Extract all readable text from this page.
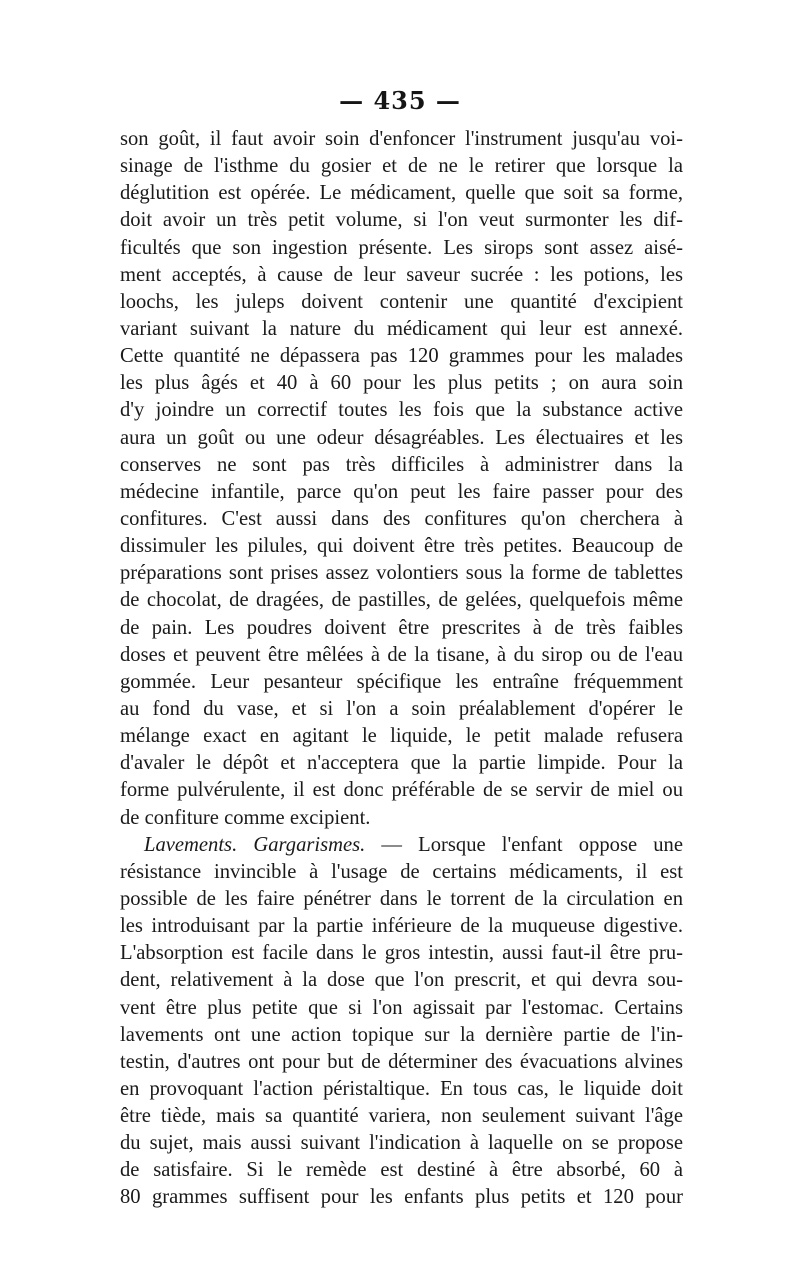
— 435 —
son goût, il faut avoir soin d'enfoncer l'instrument jusqu'au voi-
sinage de l'isthme du gosier et de ne le retirer que lorsque la
déglutition est opérée. Le médicament, quelle que soit sa forme,
doit avoir un très petit volume, si l'on veut surmonter les dif-
ficultés que son ingestion présente. Les sirops sont assez aisé-
ment acceptés, à cause de leur saveur sucrée : les potions, les
loochs, les juleps doivent contenir une quantité d'excipient
variant suivant la nature du médicament qui leur est annexé.
Cette quantité ne dépassera pas 120 grammes pour les malades
les plus âgés et 40 à 60 pour les plus petits ; on aura soin
d'y joindre un correctif toutes les fois que la substance active
aura un goût ou une odeur désagréables. Les électuaires et les
conserves ne sont pas très difficiles à administrer dans la
médecine infantile, parce qu'on peut les faire passer pour des
confitures. C'est aussi dans des confitures qu'on cherchera à
dissimuler les pilules, qui doivent être très petites. Beaucoup de
préparations sont prises assez volontiers sous la forme de tablettes
de chocolat, de dragées, de pastilles, de gelées, quelquefois même
de pain. Les poudres doivent être prescrites à de très faibles
doses et peuvent être mêlées à de la tisane, à du sirop ou de l'eau
gommée. Leur pesanteur spécifique les entraîne fréquemment
au fond du vase, et si l'on a soin préalablement d'opérer le
mélange exact en agitant le liquide, le petit malade refusera
d'avaler le dépôt et n'acceptera que la partie limpide. Pour la
forme pulvérulente, il est donc préférable de se servir de miel ou
de confiture comme excipient.
Lavements. Gargarismes. — Lorsque l'enfant oppose une
résistance invincible à l'usage de certains médicaments, il est
possible de les faire pénétrer dans le torrent de la circulation en
les introduisant par la partie inférieure de la muqueuse digestive.
L'absorption est facile dans le gros intestin, aussi faut-il être pru-
dent, relativement à la dose que l'on prescrit, et qui devra sou-
vent être plus petite que si l'on agissait par l'estomac. Certains
lavements ont une action topique sur la dernière partie de l'in-
testin, d'autres ont pour but de déterminer des évacuations alvines
en provoquant l'action péristaltique. En tous cas, le liquide doit
être tiède, mais sa quantité variera, non seulement suivant l'âge
du sujet, mais aussi suivant l'indication à laquelle on se propose
de satisfaire. Si le remède est destiné à être absorbé, 60 à
80 grammes suffisent pour les enfants plus petits et 120 pour
